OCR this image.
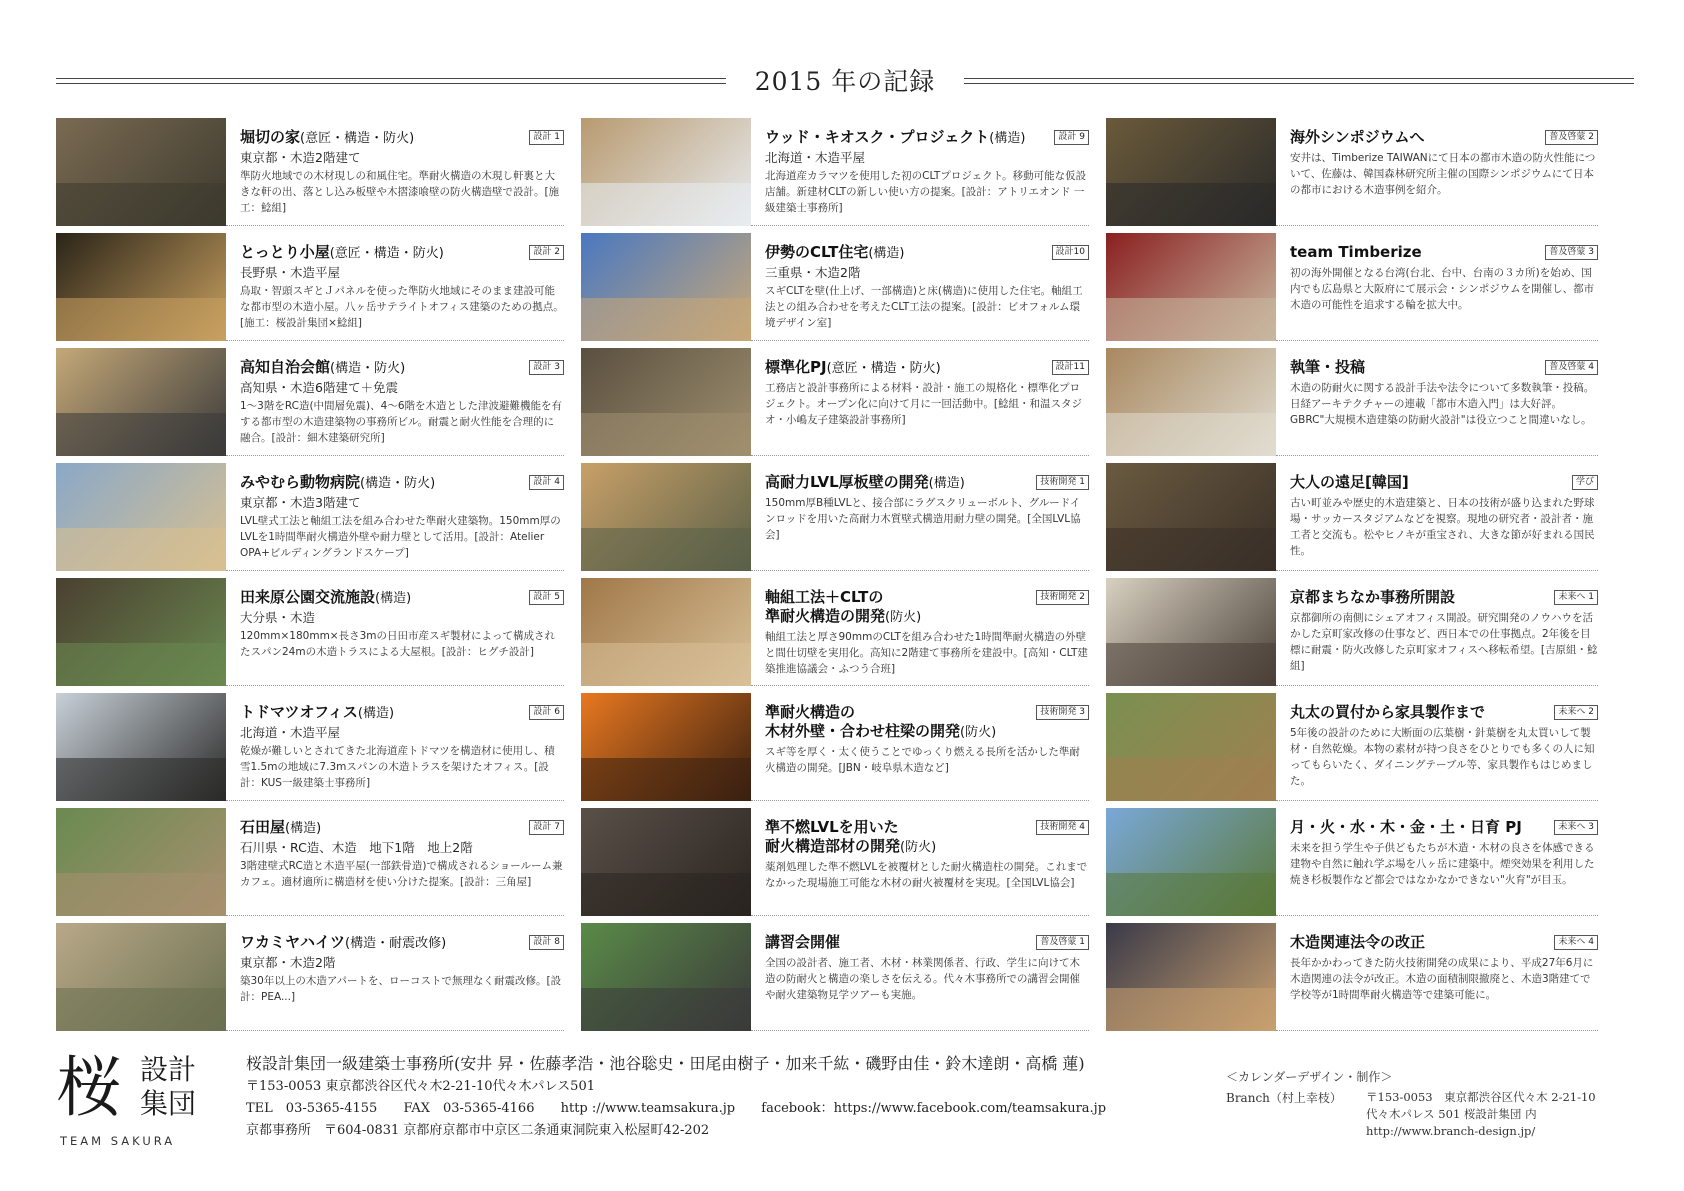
2015 年の記録
堀切の家(意匠・構造・防火)
東京都・木造2階建て
準防火地域での木材現しの和風住宅。準耐火構造の木現し軒裏と大きな軒の出、落とし込み板壁や木摺漆喰壁の防火構造壁で設計。[施工：鯰組]
設計 1
とっとり小屋(意匠・構造・防火)
長野県・木造平屋
鳥取・智頭スギとＪパネルを使った準防火地域にそのまま建設可能な都市型の木造小屋。八ヶ岳サテライトオフィス建築のための拠点。[施工：桜設計集団×鯰組]
設計 2
高知自治会館(構造・防火)
高知県・木造6階建て＋免震
1〜3階をRC造(中間層免震)、4〜6階を木造とした津波避難機能を有する都市型の木造建築物の事務所ビル。耐震と耐火性能を合理的に融合。[設計：細木建築研究所]
設計 3
みやむら動物病院(構造・防火)
東京都・木造3階建て
LVL壁式工法と軸組工法を組み合わせた準耐火建築物。150mm厚のLVLを1時間準耐火構造外壁や耐力壁として活用。[設計：Atelier OPA+ビルディングランドスケープ]
設計 4
田来原公園交流施設(構造)
大分県・木造
120mm×180mm×長さ3mの日田市産スギ製材によって構成されたスパン24mの木造トラスによる大屋根。[設計：ヒグチ設計]
設計 5
トドマツオフィス(構造)
北海道・木造平屋
乾燥が難しいとされてきた北海道産トドマツを構造材に使用し、積雪1.5mの地域に7.3mスパンの木造トラスを架けたオフィス。[設計：KUS一級建築士事務所]
設計 6
石田屋(構造)
石川県・RC造、木造　地下1階　地上2階
3階建壁式RC造と木造平屋(一部鉄骨造)で構成されるショールーム兼カフェ。適材適所に構造材を使い分けた提案。[設計：三角屋]
設計 7
ワカミヤハイツ(構造・耐震改修)
東京都・木造2階
築30年以上の木造アパートを、ローコストで無理なく耐震改修。[設計：PEA...]
設計 8
ウッド・キオスク・プロジェクト(構造)
北海道・木造平屋
北海道産カラマツを使用した初のCLTプロジェクト。移動可能な仮設店舗。新建材CLTの新しい使い方の提案。[設計：アトリエオンド 一級建築士事務所]
設計 9
伊勢のCLT住宅(構造)
三重県・木造2階
スギCLTを壁(仕上げ、一部構造)と床(構造)に使用した住宅。軸組工法との組み合わせを考えたCLT工法の提案。[設計：ビオフォルム環境デザイン室]
設計10
標準化PJ(意匠・構造・防火)
工務店と設計事務所による材料・設計・施工の規格化・標準化プロジェクト。オープン化に向けて月に一回活動中。[鯰組・和温スタジオ・小嶋友子建築設計事務所]
設計11
高耐力LVL厚板壁の開発(構造)
150mm厚B種LVLと、接合部にラグスクリューボルト、グルードインロッドを用いた高耐力木質壁式構造用耐力壁の開発。[全国LVL協会]
技術開発 1
軸組工法＋CLTの
準耐火構造の開発(防火)
軸組工法と厚さ90mmのCLTを組み合わせた1時間準耐火構造の外壁と間仕切壁を実用化。高知に2階建て事務所を建設中。[高知・CLT建築推進協議会・ふつう合班]
技術開発 2
準耐火構造の
木材外壁・合わせ柱梁の開発(防火)
スギ等を厚く・太く使うことでゆっくり燃える長所を活かした準耐火構造の開発。[JBN・岐阜県木造など]
技術開発 3
準不燃LVLを用いた
耐火構造部材の開発(防火)
薬剤処理した準不燃LVLを被覆材とした耐火構造柱の開発。これまでなかった現場施工可能な木材の耐火被覆材を実現。[全国LVL協会]
技術開発 4
講習会開催
全国の設計者、施工者、木材・林業関係者、行政、学生に向けて木造の防耐火と構造の楽しさを伝える。代々木事務所での講習会開催や耐火建築物見学ツアーも実施。
普及啓蒙 1
海外シンポジウムへ
安井は、Timberize TAIWANにて日本の都市木造の防火性能について、佐藤は、韓国森林研究所主催の国際シンポジウムにて日本の都市における木造事例を紹介。
普及啓蒙 2
team Timberize
初の海外開催となる台湾(台北、台中、台南の３カ所)を始め、国内でも広島県と大阪府にて展示会・シンポジウムを開催し、都市木造の可能性を追求する輪を拡大中。
普及啓蒙 3
執筆・投稿
木造の防耐火に関する設計手法や法令について多数執筆・投稿。日経アーキテクチャーの連載「都市木造入門」は大好評。GBRC"大規模木造建築の防耐火設計"は役立つこと間違いなし。
普及啓蒙 4
大人の遠足[韓国]
古い町並みや歴史的木造建築と、日本の技術が盛り込まれた野球場・サッカースタジアムなどを視察。現地の研究者・設計者・施工者と交流も。松やヒノキが重宝され、大きな節が好まれる国民性。
学び
京都まちなか事務所開設
京都御所の南側にシェアオフィス開設。研究開発のノウハウを活かした京町家改修の仕事など、西日本での仕事拠点。2年後を目標に耐震・防火改修した京町家オフィスへ移転希望。[吉原組・鯰組]
未来へ 1
丸太の買付から家具製作まで
5年後の設計のために大断面の広葉樹・針葉樹を丸太買いして製材・自然乾燥。本物の素材が持つ良さをひとりでも多くの人に知ってもらいたく、ダイニングテーブル等、家具製作もはじめました。
未来へ 2
月・火・水・木・金・土・日育 PJ
未来を担う学生や子供どもたちが木造・木材の良さを体感できる建物や自然に触れ学ぶ場を八ヶ岳に建築中。煙突効果を利用した焼き杉板製作など都会ではなかなかできない"火育"が目玉。
未来へ 3
木造関連法令の改正
長年かかわってきた防火技術開発の成果により、平成27年6月に木造関連の法令が改正。木造の面積制限撤廃と、木造3階建てで学校等が1時間準耐火構造等で建築可能に。
未来へ 4
桜 設計
集団
TEAM SAKURA
桜設計集団一級建築士事務所(安井 昇・佐藤孝浩・池谷聡史・田尾由樹子・加来千紘・磯野由佳・鈴木達朗・高橋 蓮)
〒153-0053 東京都渋谷区代々木2-21-10代々木パレス501
TEL　03-5365-4155 FAX　03-5365-4166 http ://www.teamsakura.jp facebook：https://www.facebook.com/teamsakura.jp
京都事務所　〒604-0831 京都府京都市中京区二条通東洞院東入松屋町42-202
＜カレンダーデザイン・制作＞
Branch（村上幸枝）	〒153-0053　東京都渋谷区代々木 2-21-10
代々木パレス 501 桜設計集団 内
http://www.branch-design.jp/
